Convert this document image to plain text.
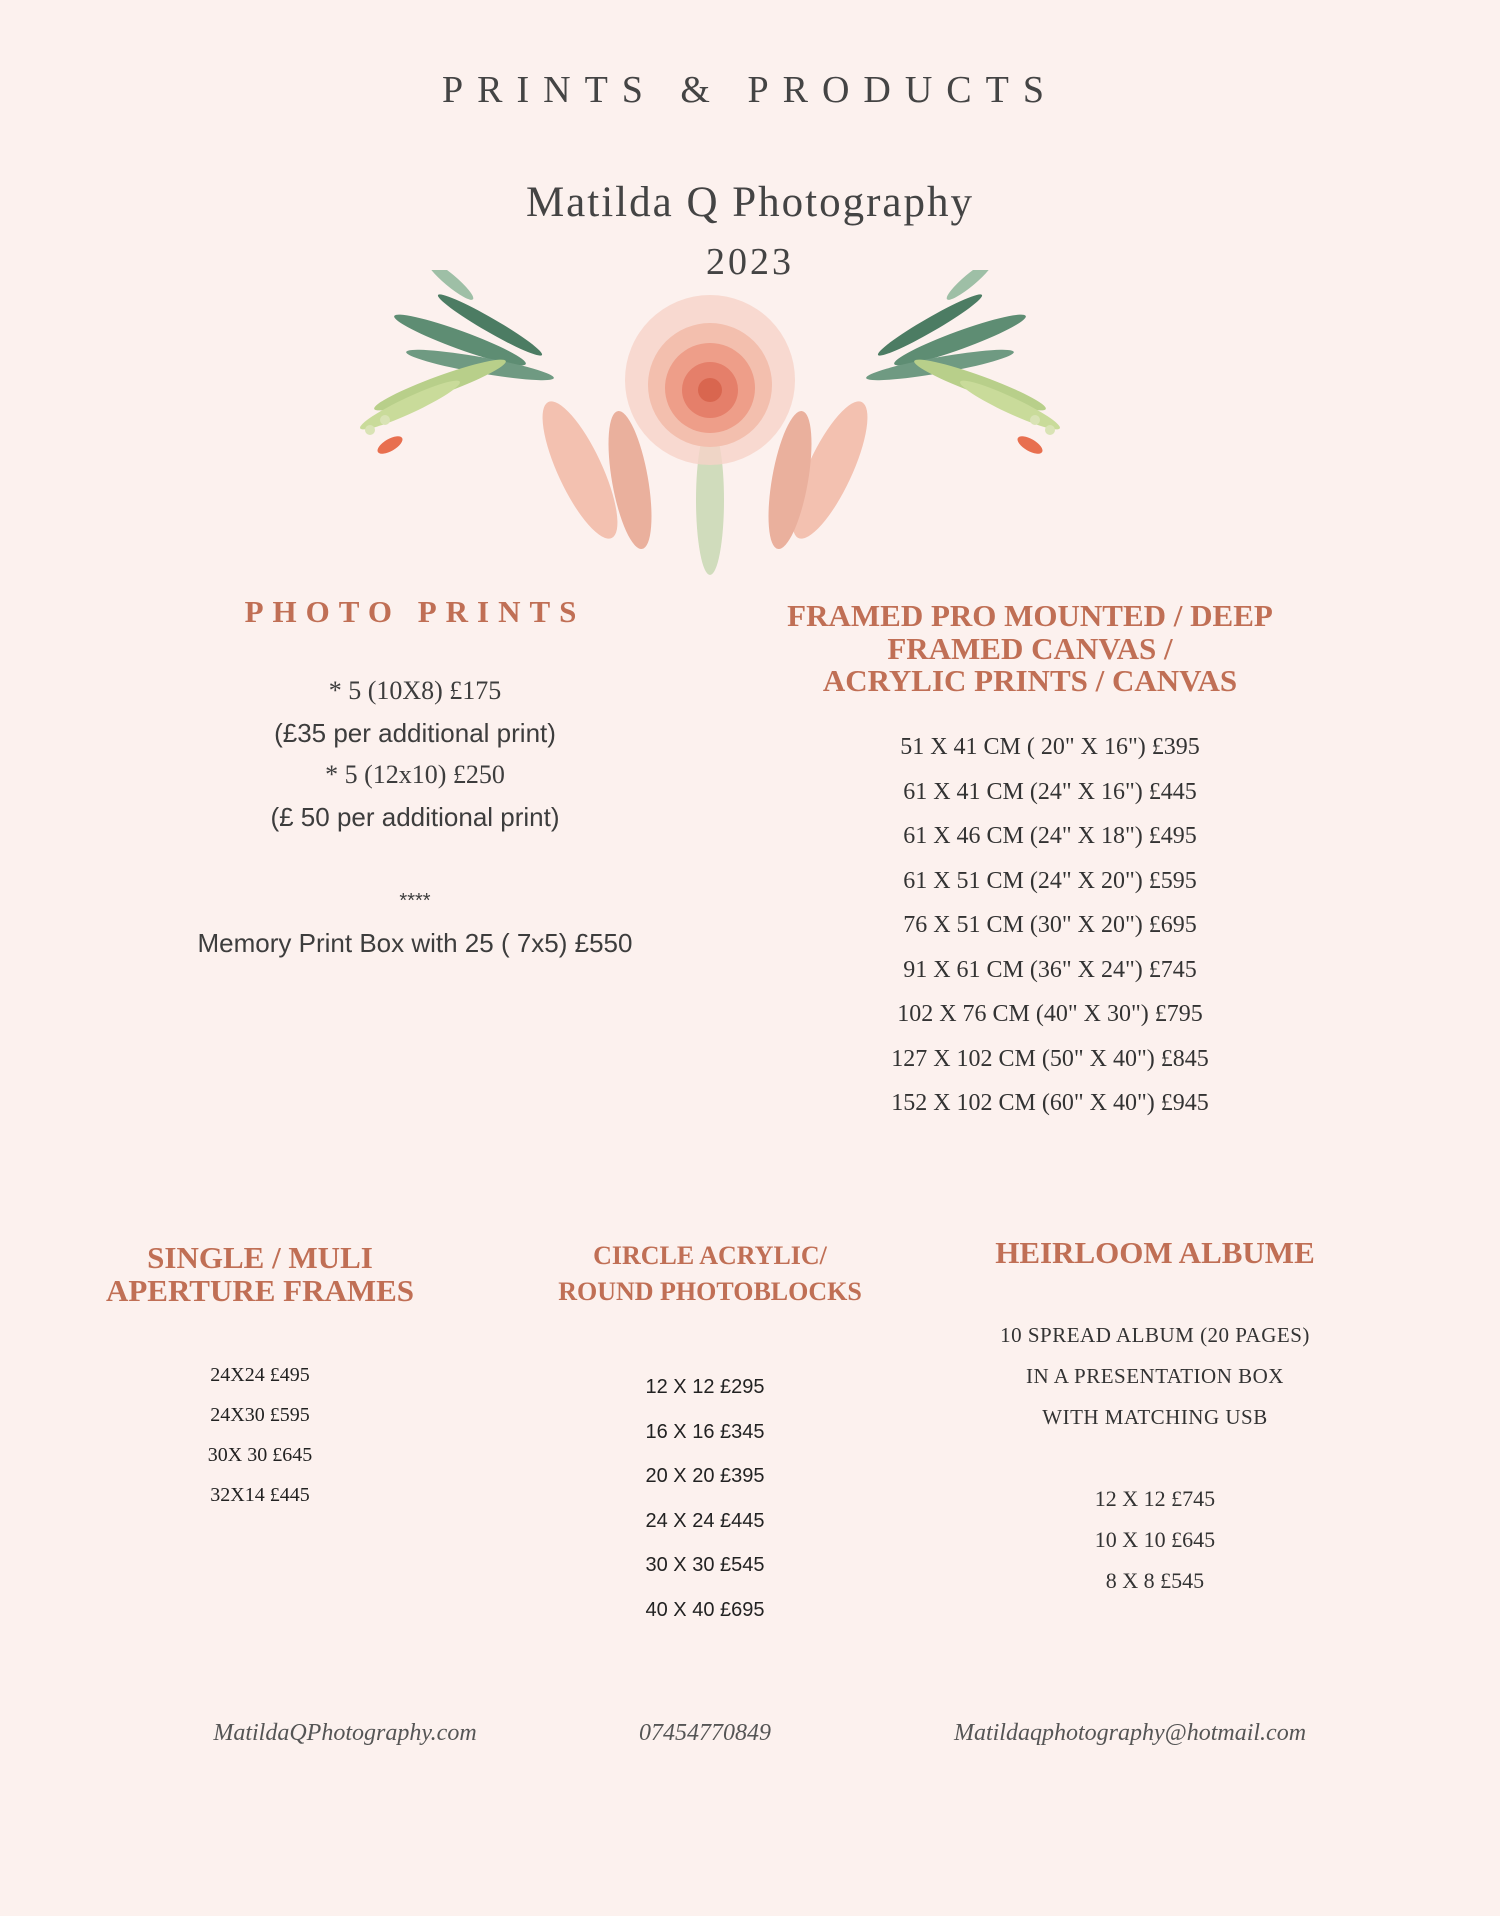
PRINTS & PRODUCTS
Matilda Q Photography
2023
PHOTO PRINTS
* 5 (10X8) £175
(£35 per additional print)
* 5 (12x10) £250
(£ 50 per additional print)
****
Memory Print Box with 25 ( 7x5) £550
FRAMED PRO MOUNTED / DEEP
FRAMED CANVAS /
ACRYLIC PRINTS / CANVAS
51 X 41 CM ( 20" X 16") £395
61 X 41 CM (24" X 16") £445
61 X 46 CM (24" X 18") £495
61 X 51 CM (24" X 20") £595
76 X 51 CM (30" X 20") £695
91 X 61 CM (36" X 24") £745
102 X 76 CM (40" X 30") £795
127 X 102 CM (50" X 40") £845
152 X 102 CM (60" X 40") £945
SINGLE / MULI
APERTURE FRAMES
24X24 £495
24X30 £595
30X 30 £645
32X14 £445
CIRCLE ACRYLIC/
ROUND PHOTOBLOCKS
12 X 12 £295
16 X 16 £345
20 X 20 £395
24 X 24 £445
30 X 30 £545
40 X 40 £695
HEIRLOOM ALBUME
10 SPREAD ALBUM (20 PAGES)
IN A PRESENTATION BOX
WITH MATCHING USB
12 X 12 £745
10 X 10 £645
8 X 8 £545
MatildaQPhotography.com	07454770849	Matildaqphotography@hotmail.com
